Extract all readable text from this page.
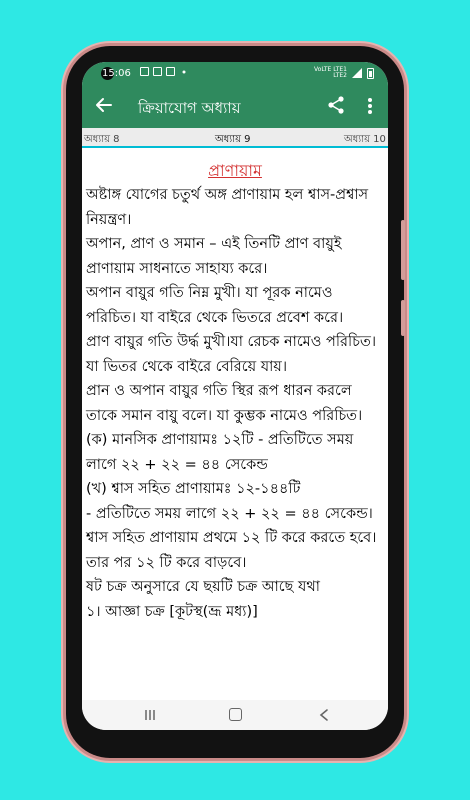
15:06	VoLTE LTE1
LTE2
ক্রিয়াযোগ অধ্যায়
অধ্যায় 8	অধ্যায় 9	অধ্যায় 10
প্রাণায়াম

অষ্টাঙ্গ যোগের চতুর্থ অঙ্গ প্রাণায়াম হল শ্বাস-প্রশ্বাস নিয়ন্ত্রণ।

অপান, প্রাণ ও সমান – এই তিনটি প্রাণ বায়ুই প্রাণায়াম সাধনাতে সাহায্য করে।

অপান বায়ুর গতি নিম্ন মুখী। যা পূরক নামেও পরিচিত। যা বাইরে থেকে ভিতরে প্রবেশ করে।

প্রাণ বায়ুর গতি উর্দ্ধ মুখী।যা রেচক নামেও পরিচিত। যা ভিতর থেকে বাইরে বেরিয়ে যায়।

প্রান ও অপান বায়ুর গতি স্থির রূপ ধারন করলে তাকে সমান বায়ু বলে। যা কুম্ভক নামেও পরিচিত।

(ক) মানসিক প্রাণায়ামঃ ১২টি - প্রতিটিতে সময় লাগে ২২ + ২২ = ৪৪ সেকেন্ড

(খ) শ্বাস সহিত প্রাণায়ামঃ ১২-১৪৪টি

- প্রতিটিতে সময় লাগে ২২ + ২২ = ৪৪ সেকেন্ড। শ্বাস সহিত প্রাণায়াম প্রথমে ১২ টি করে করতে হবে। তার পর ১২ টি করে বাড়বে।

ষট চক্র অনুসারে যে ছয়টি চক্র আছে যথা

১। আজ্ঞা চক্র [কূটস্থ(ভ্রূ মধ্য)]
